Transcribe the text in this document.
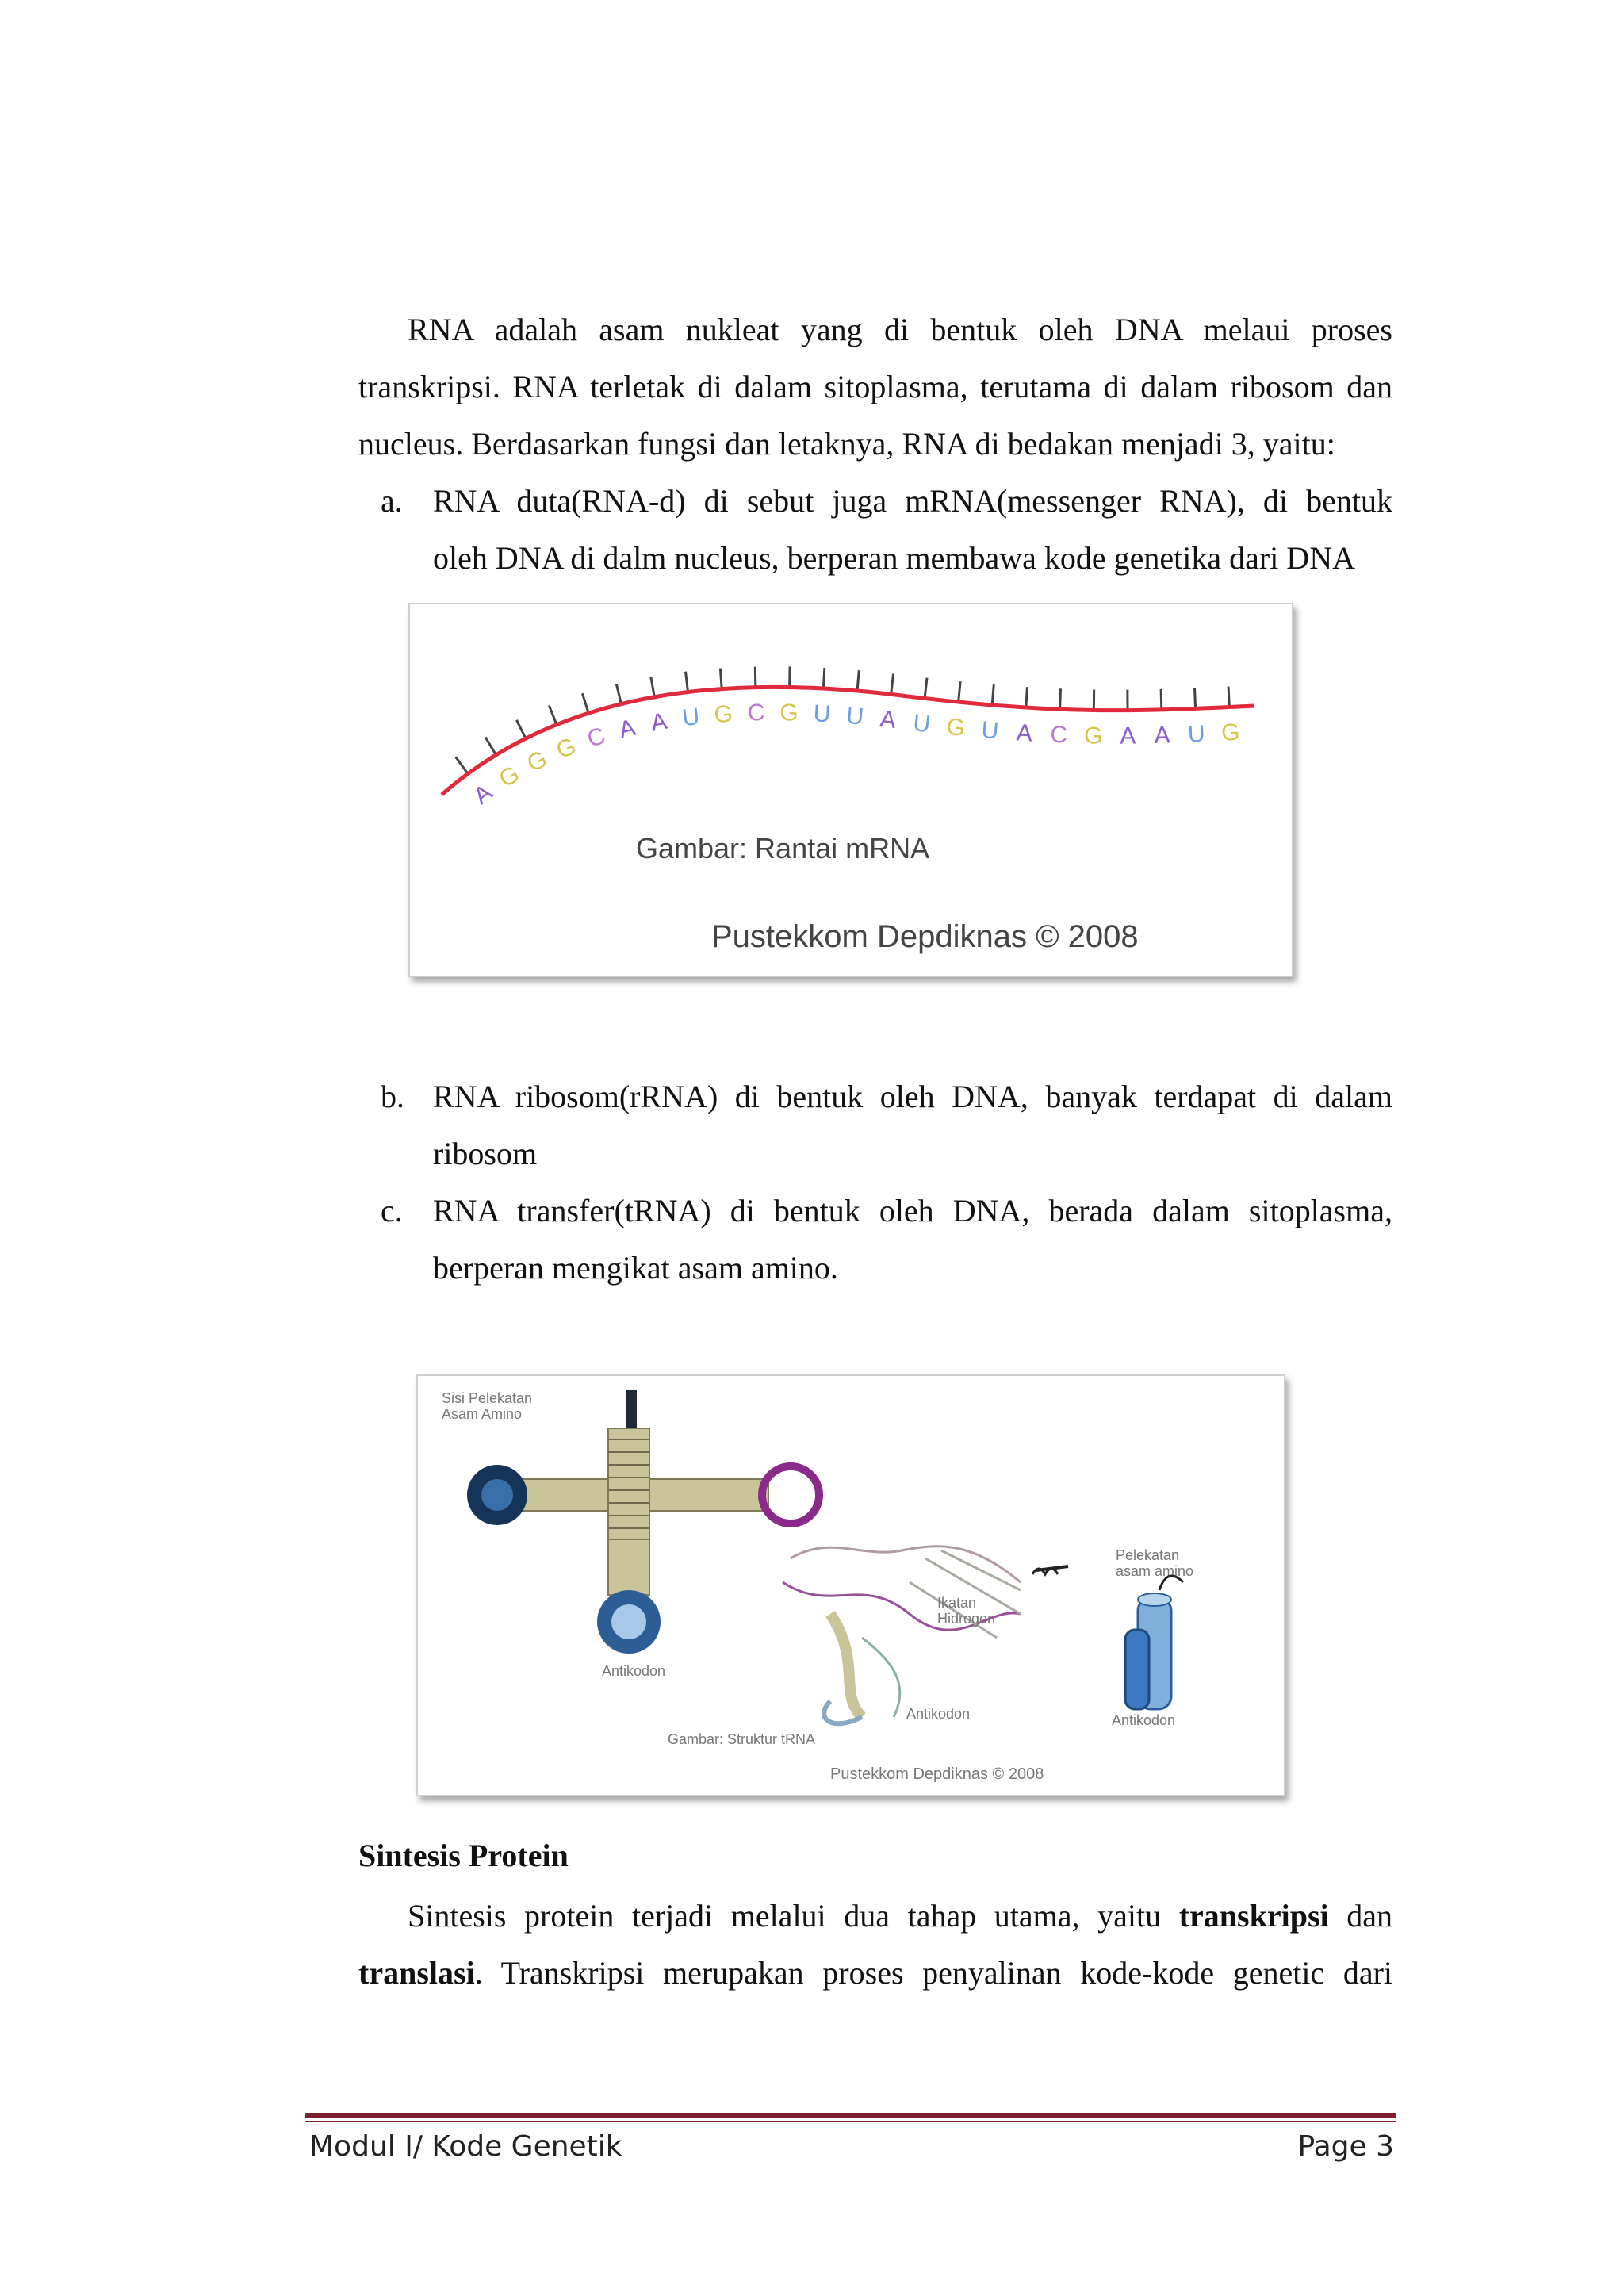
RNA adalah asam nukleat yang di bentuk oleh DNA melaui proses
transkripsi. RNA terletak di dalam sitoplasma, terutama di dalam ribosom dan
nucleus. Berdasarkan fungsi dan letaknya, RNA di bedakan menjadi 3, yaitu:
a. RNA duta(RNA-d) di sebut juga mRNA(messenger RNA), di bentuk
oleh DNA di dalm nucleus, berperan membawa kode genetika dari DNA
A
G
G G C A A U G C G U U A U G U A C G A A U G
Gambar: Rantai mRNA
Pustekkom Depdiknas © 2008
b. RNA ribosom(rRNA) di bentuk oleh DNA, banyak terdapat di dalam
ribosom
c. RNA transfer(tRNA) di bentuk oleh DNA, berada dalam sitoplasma,
berperan mengikat asam amino.
Sisi Pelekatan
Asam Amino
Antikodon
Pelekatan
asam amino
Ikatan
Hidrogen
Antikodon	Antikodon
Gambar: Struktur tRNA
Pustekkom Depdiknas © 2008
Sintesis Protein
Sintesis protein terjadi melalui dua tahap utama, yaitu transkripsi dan
translasi. Transkripsi merupakan proses penyalinan kode-kode genetic dari
Modul I/ Kode Genetik	Page 3
